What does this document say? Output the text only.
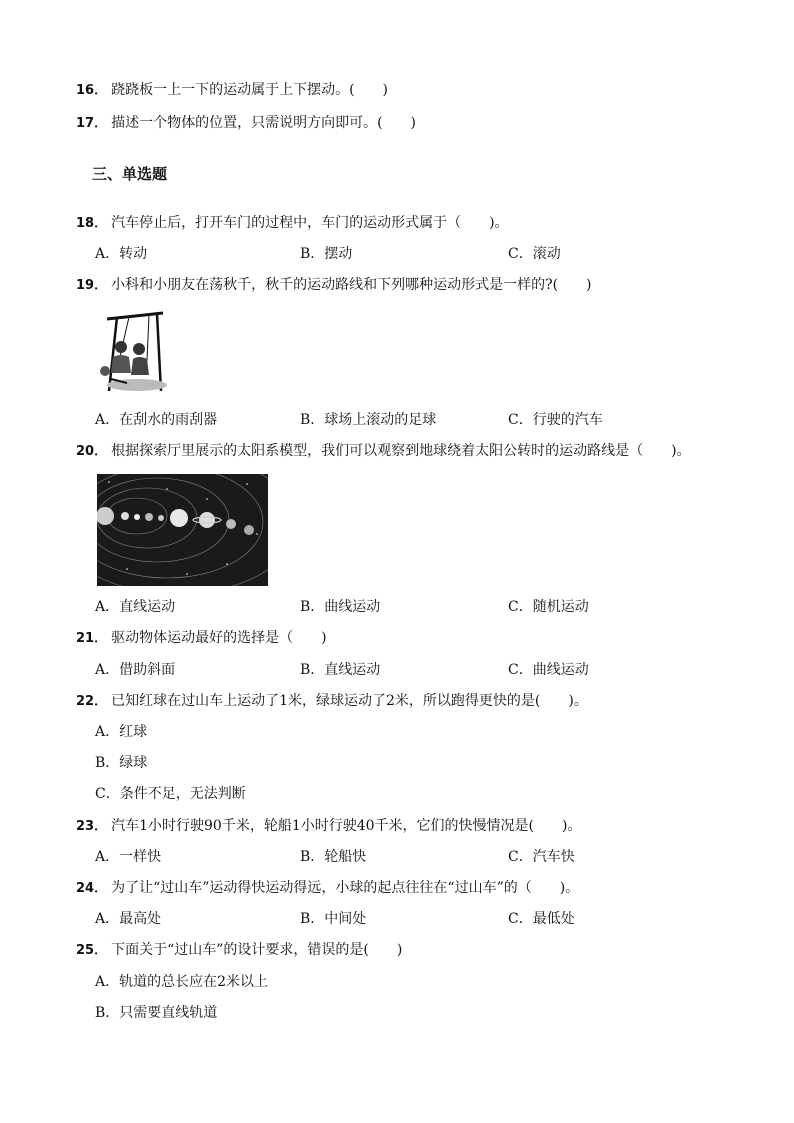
16． 跷跷板一上一下的运动属于上下摆动。(　　)
17． 描述一个物体的位置，只需说明方向即可。(　　)
三、单选题
18． 汽车停止后，打开车门的过程中，车门的运动形式属于（　　)。
A．转动	B．摆动	C．滚动
19． 小科和小朋友在荡秋千，秋千的运动路线和下列哪种运动形式是一样的?(　　)
A．在刮水的雨刮器	B．球场上滚动的足球	C．行驶的汽车
20． 根据探索厅里展示的太阳系模型，我们可以观察到地球绕着太阳公转时的运动路线是（　　)。
A．直线运动	B．曲线运动	C．随机运动
21． 驱动物体运动最好的选择是（　　)
A．借助斜面	B．直线运动	C．曲线运动
22． 已知红球在过山车上运动了1米，绿球运动了2米，所以跑得更快的是(　　)。
A．红球
B．绿球
C．条件不足，无法判断
23． 汽车1小时行驶90千米，轮船1小时行驶40千米，它们的快慢情况是(　　)。
A．一样快	B．轮船快	C．汽车快
24． 为了让“过山车”运动得快运动得远，小球的起点往往在“过山车”的（　　)。
A．最高处	B．中间处	C．最低处
25． 下面关于“过山车”的设计要求，错误的是(　　)
A．轨道的总长应在2米以上
B．只需要直线轨道
